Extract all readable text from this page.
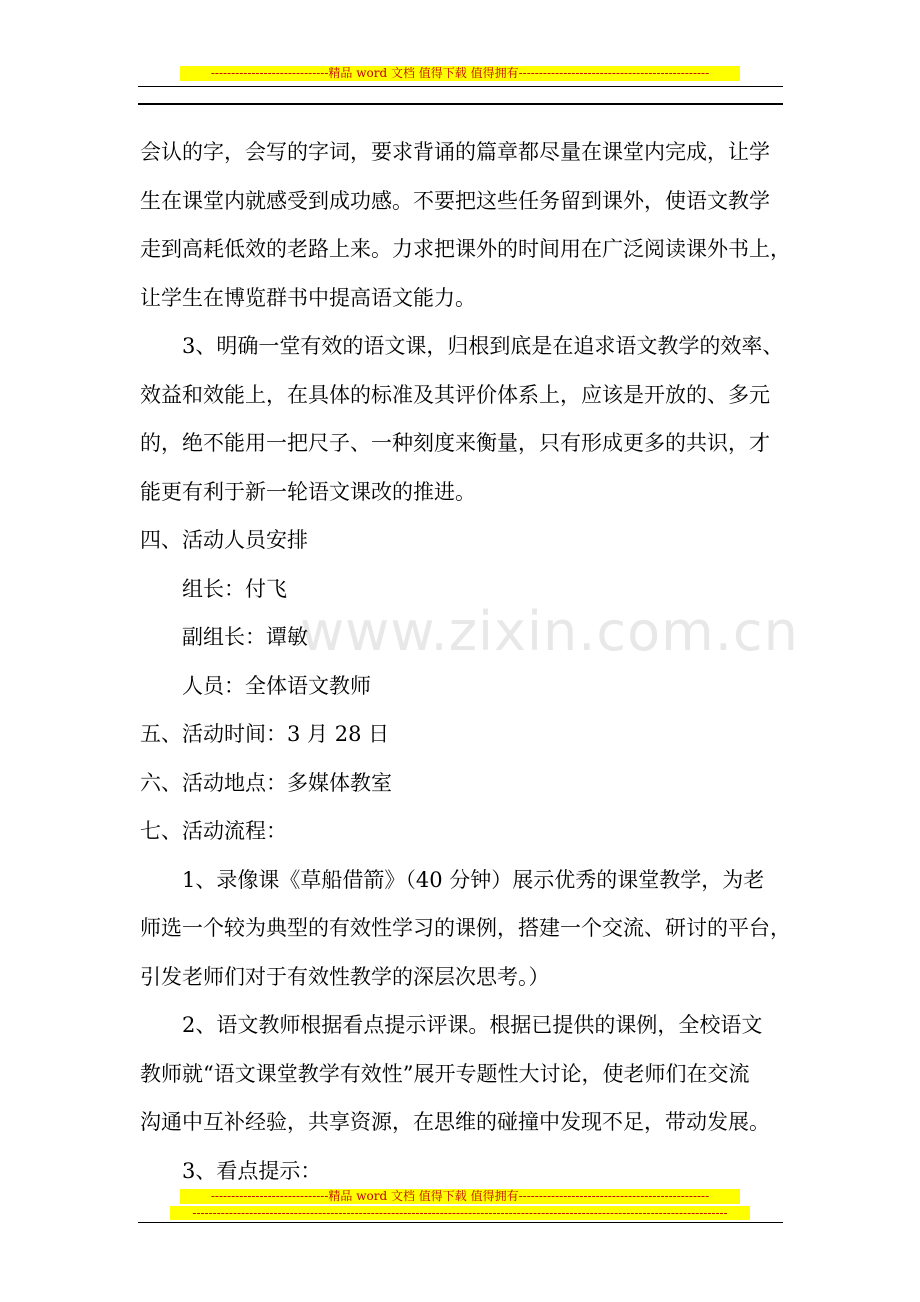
-----------------------------精品 word 文档 值得下载 值得拥有-----------------------------------------------
www.zixin.com.cn
会认的字，会写的字词，要求背诵的篇章都尽量在课堂内完成，让学
生在课堂内就感受到成功感。不要把这些任务留到课外，使语文教学
走到高耗低效的老路上来。力求把课外的时间用在广泛阅读课外书上，
让学生在博览群书中提高语文能力。
3、明确一堂有效的语文课，归根到底是在追求语文教学的效率、
效益和效能上，在具体的标准及其评价体系上，应该是开放的、多元
的，绝不能用一把尺子、一种刻度来衡量，只有形成更多的共识，才
能更有利于新一轮语文课改的推进。
四、活动人员安排
组长：付飞
副组长：谭敏
人员：全体语文教师
五、活动时间：3 月 28 日
六、活动地点：多媒体教室
七、活动流程：
1、录像课《草船借箭》（40 分钟）展示优秀的课堂教学，为老
师选一个较为典型的有效性学习的课例，搭建一个交流、研讨的平台，
引发老师们对于有效性教学的深层次思考。）
2、语文教师根据看点提示评课。根据已提供的课例，全校语文
教师就“语文课堂教学有效性”展开专题性大讨论，使老师们在交流
沟通中互补经验，共享资源，在思维的碰撞中发现不足，带动发展。
3、看点提示：
-----------------------------精品 word 文档 值得下载 值得拥有-----------------------------------------------
------------------------------------------------------------------------------------------------------------------------------------
